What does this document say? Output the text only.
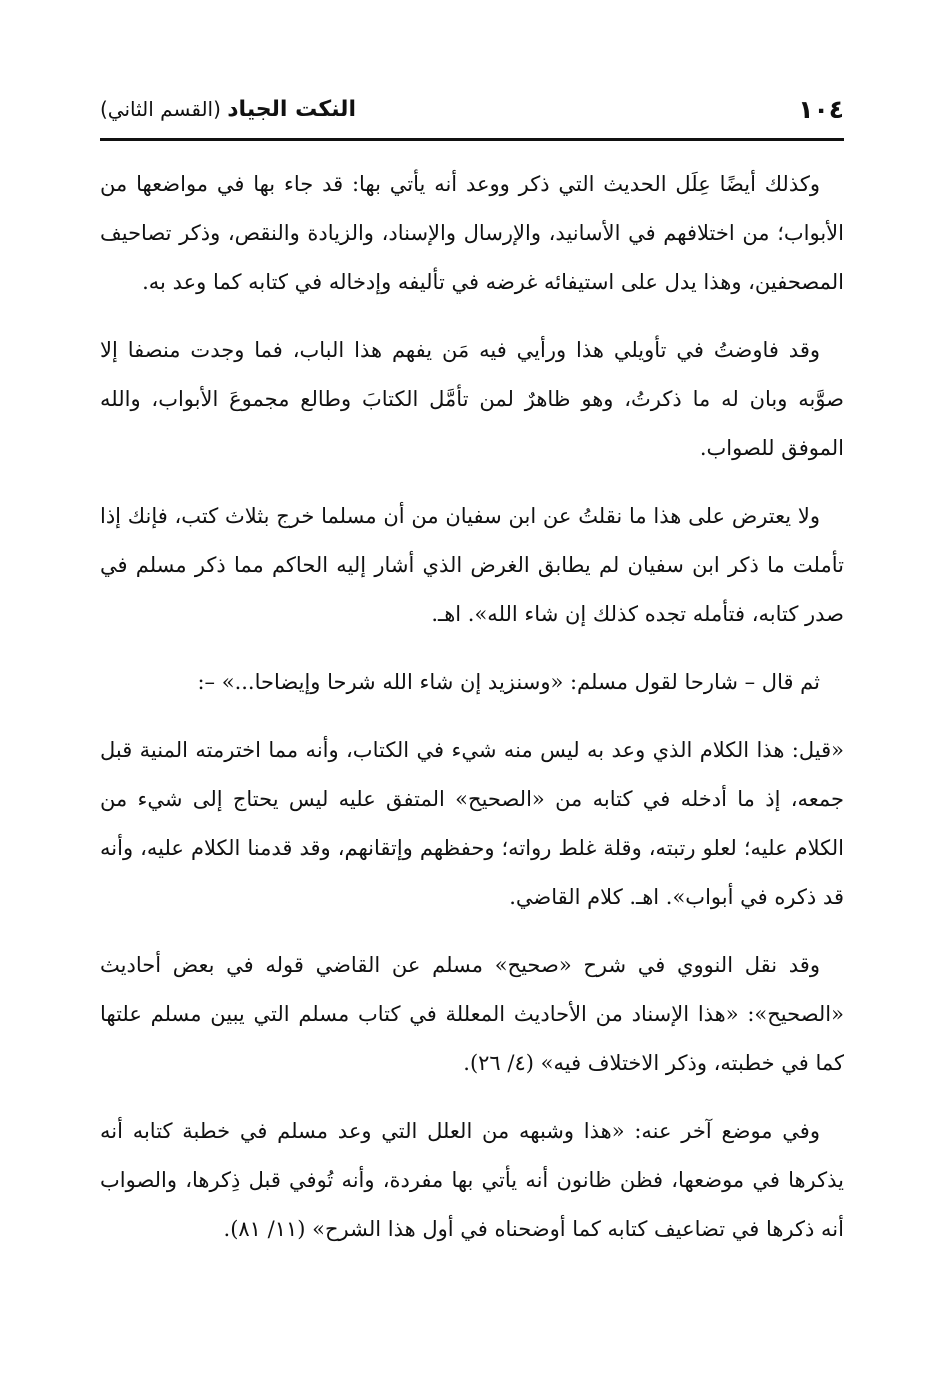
١٠٤
النكت الجياد (القسم الثاني)

وكذلك أيضًا عِلَل الحديث التي ذكر ووعد أنه يأتي بها: قد جاء بها في مواضعها من الأبواب؛ من اختلافهم في الأسانيد، والإرسال والإسناد، والزيادة والنقص، وذكر تصاحيف المصحفين، وهذا يدل على استيفائه غرضه في تأليفه وإدخاله في كتابه كما وعد به.

وقد فاوضتُ في تأويلي هذا ورأيي فيه مَن يفهم هذا الباب، فما وجدت منصفا إلا صوَّبه وبان له ما ذكرتُ، وهو ظاهرٌ لمن تأمَّل الكتابَ وطالع مجموعَ الأبواب، والله الموفق للصواب.

ولا يعترض على هذا ما نقلتُ عن ابن سفيان من أن مسلما خرج بثلاث كتب، فإنك إذا تأملت ما ذكر ابن سفيان لم يطابق الغرض الذي أشار إليه الحاكم مما ذكر مسلم في صدر كتابه، فتأمله تجده كذلك إن شاء الله». اهـ.

ثم قال – شارحا لقول مسلم: «وسنزيد إن شاء الله شرحا وإيضاحا...» –:

«قيل: هذا الكلام الذي وعد به ليس منه شيء في الكتاب، وأنه مما اخترمته المنية قبل جمعه، إذ ما أدخله في كتابه من «الصحيح» المتفق عليه ليس يحتاج إلى شيء من الكلام عليه؛ لعلو رتبته، وقلة غلط رواته؛ وحفظهم وإتقانهم، وقد قدمنا الكلام عليه، وأنه قد ذكره في أبواب». اهـ. كلام القاضي.

وقد نقل النووي في شرح «صحيح» مسلم عن القاضي قوله في بعض أحاديث «الصحيح»: «هذا الإسناد من الأحاديث المعللة في كتاب مسلم التي يبين مسلم علتها كما في خطبته، وذكر الاختلاف فيه» (٤/ ٢٦).

وفي موضع آخر عنه: «هذا وشبهه من العلل التي وعد مسلم في خطبة كتابه أنه يذكرها في موضعها، فظن ظانون أنه يأتي بها مفردة، وأنه تُوفي قبل ذِكرها، والصواب أنه ذكرها في تضاعيف كتابه كما أوضحناه في أول هذا الشرح» (١١/ ٨١).
